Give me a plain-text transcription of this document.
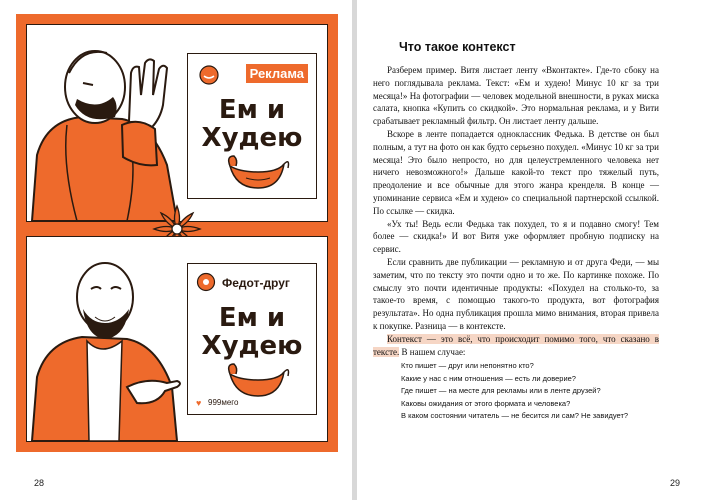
Реклама
Ем и
Худею
Федот-друг
Ем и
Худею
♥ 999мего
28
Что такое контекст

Разберем пример. Витя листает ленту «Вконтакте». Где-то сбоку на него поглядывала реклама. Текст: «Ем и худею! Минус 10 кг за три месяца!» На фотографии — человек модельной внешности, в руках миска салата, кнопка «Купить со скидкой». Это нормальная реклама, и у Вити срабатывает рекламный фильтр. Он листает ленту дальше.

Вскоре в ленте попадается одноклассник Федька. В детстве он был полным, а тут на фото он как будто серьезно похудел. «Минус 10 кг за три месяца! Это было непросто, но для целеустремленного человека нет ничего невозможного!» Дальше какой-то текст про тяжелый путь, преодоление и все обычные для этого жанра кренделя. В конце — упоминание сервиса «Ем и худею» со специальной партнерской ссылкой. По ссылке — скидка.

«Ух ты! Ведь если Федька так похудел, то я и подавно смогу! Тем более — скидка!» И вот Витя уже оформляет пробную подписку на сервис.

Если сравнить две публикации — рекламную и от друга Феди, — мы заметим, что по тексту это почти одно и то же. По картинке похоже. По смыслу это почти идентичные продукты: «Похудел на столько-то, за такое-то время, с помощью такого-то продукта, вот фотография результата». Но одна публикация прошла мимо внимания, вторая привела к покупке. Разница — в контексте.

Контекст — это всё, что происходит помимо того, что сказано в тексте. В нашем случае:

Кто пишет — друг или непонятно кто?
Какие у нас с ним отношения — есть ли доверие?
Где пишет — на месте для рекламы или в ленте друзей?
Каковы ожидания от этого формата и человека?
В каком состоянии читатель — не бесится ли сам? Не завидует?
29
